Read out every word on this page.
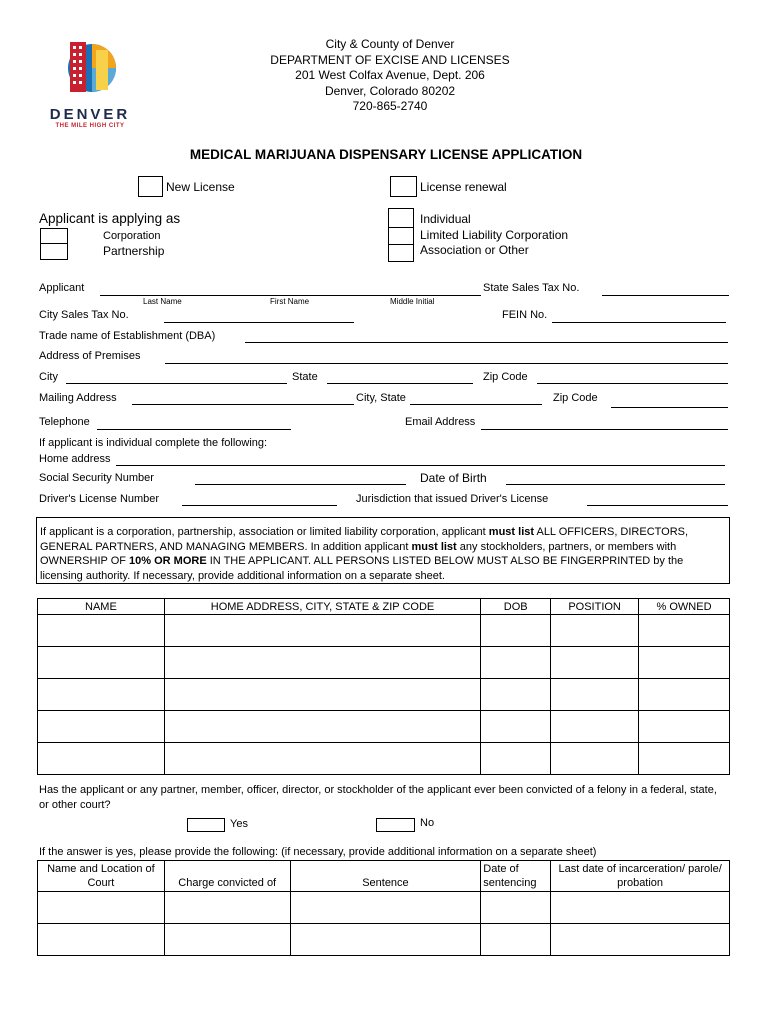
DENVER
THE MILE HIGH CITY
City & County of Denver
DEPARTMENT OF EXCISE AND LICENSES
201 West Colfax Avenue, Dept. 206
Denver, Colorado 80202
720-865-2740
MEDICAL MARIJUANA DISPENSARY LICENSE APPLICATION
New License	License renewal
Applicant is applying as
Corporation
Partnership
Individual
Limited Liability Corporation
Association or Other
Applicant
Last Name	First Name	Middle Initial
State Sales Tax No.
City Sales Tax No.	FEIN No.
Trade name of Establishment (DBA)
Address of Premises
City	State	Zip Code
Mailing Address	City, State	Zip Code
Telephone	Email Address
If applicant is individual complete the following:
Home address
Social Security Number	Date of Birth
Driver's License Number	Jurisdiction that issued Driver's License
If applicant is a corporation, partnership, association or limited liability corporation, applicant must list ALL OFFICERS, DIRECTORS, GENERAL PARTNERS, AND MANAGING MEMBERS. In addition applicant must list any stockholders, partners, or members with OWNERSHIP OF 10% OR MORE IN THE APPLICANT. ALL PERSONS LISTED BELOW MUST ALSO BE FINGERPRINTED by the licensing authority. If necessary, provide additional information on a separate sheet.
NAME	HOME ADDRESS, CITY, STATE & ZIP CODE	DOB	POSITION	% OWNED

Has the applicant or any partner, member, officer, director, or stockholder of the applicant ever been convicted of a felony in a federal, state, or other court?
Yes	No
If the answer is yes, please provide the following: (if necessary, provide additional information on a separate sheet)
Name and Location of Court	Charge convicted of	Sentence	Date of sentencing	Last date of incarceration/ parole/ probation
